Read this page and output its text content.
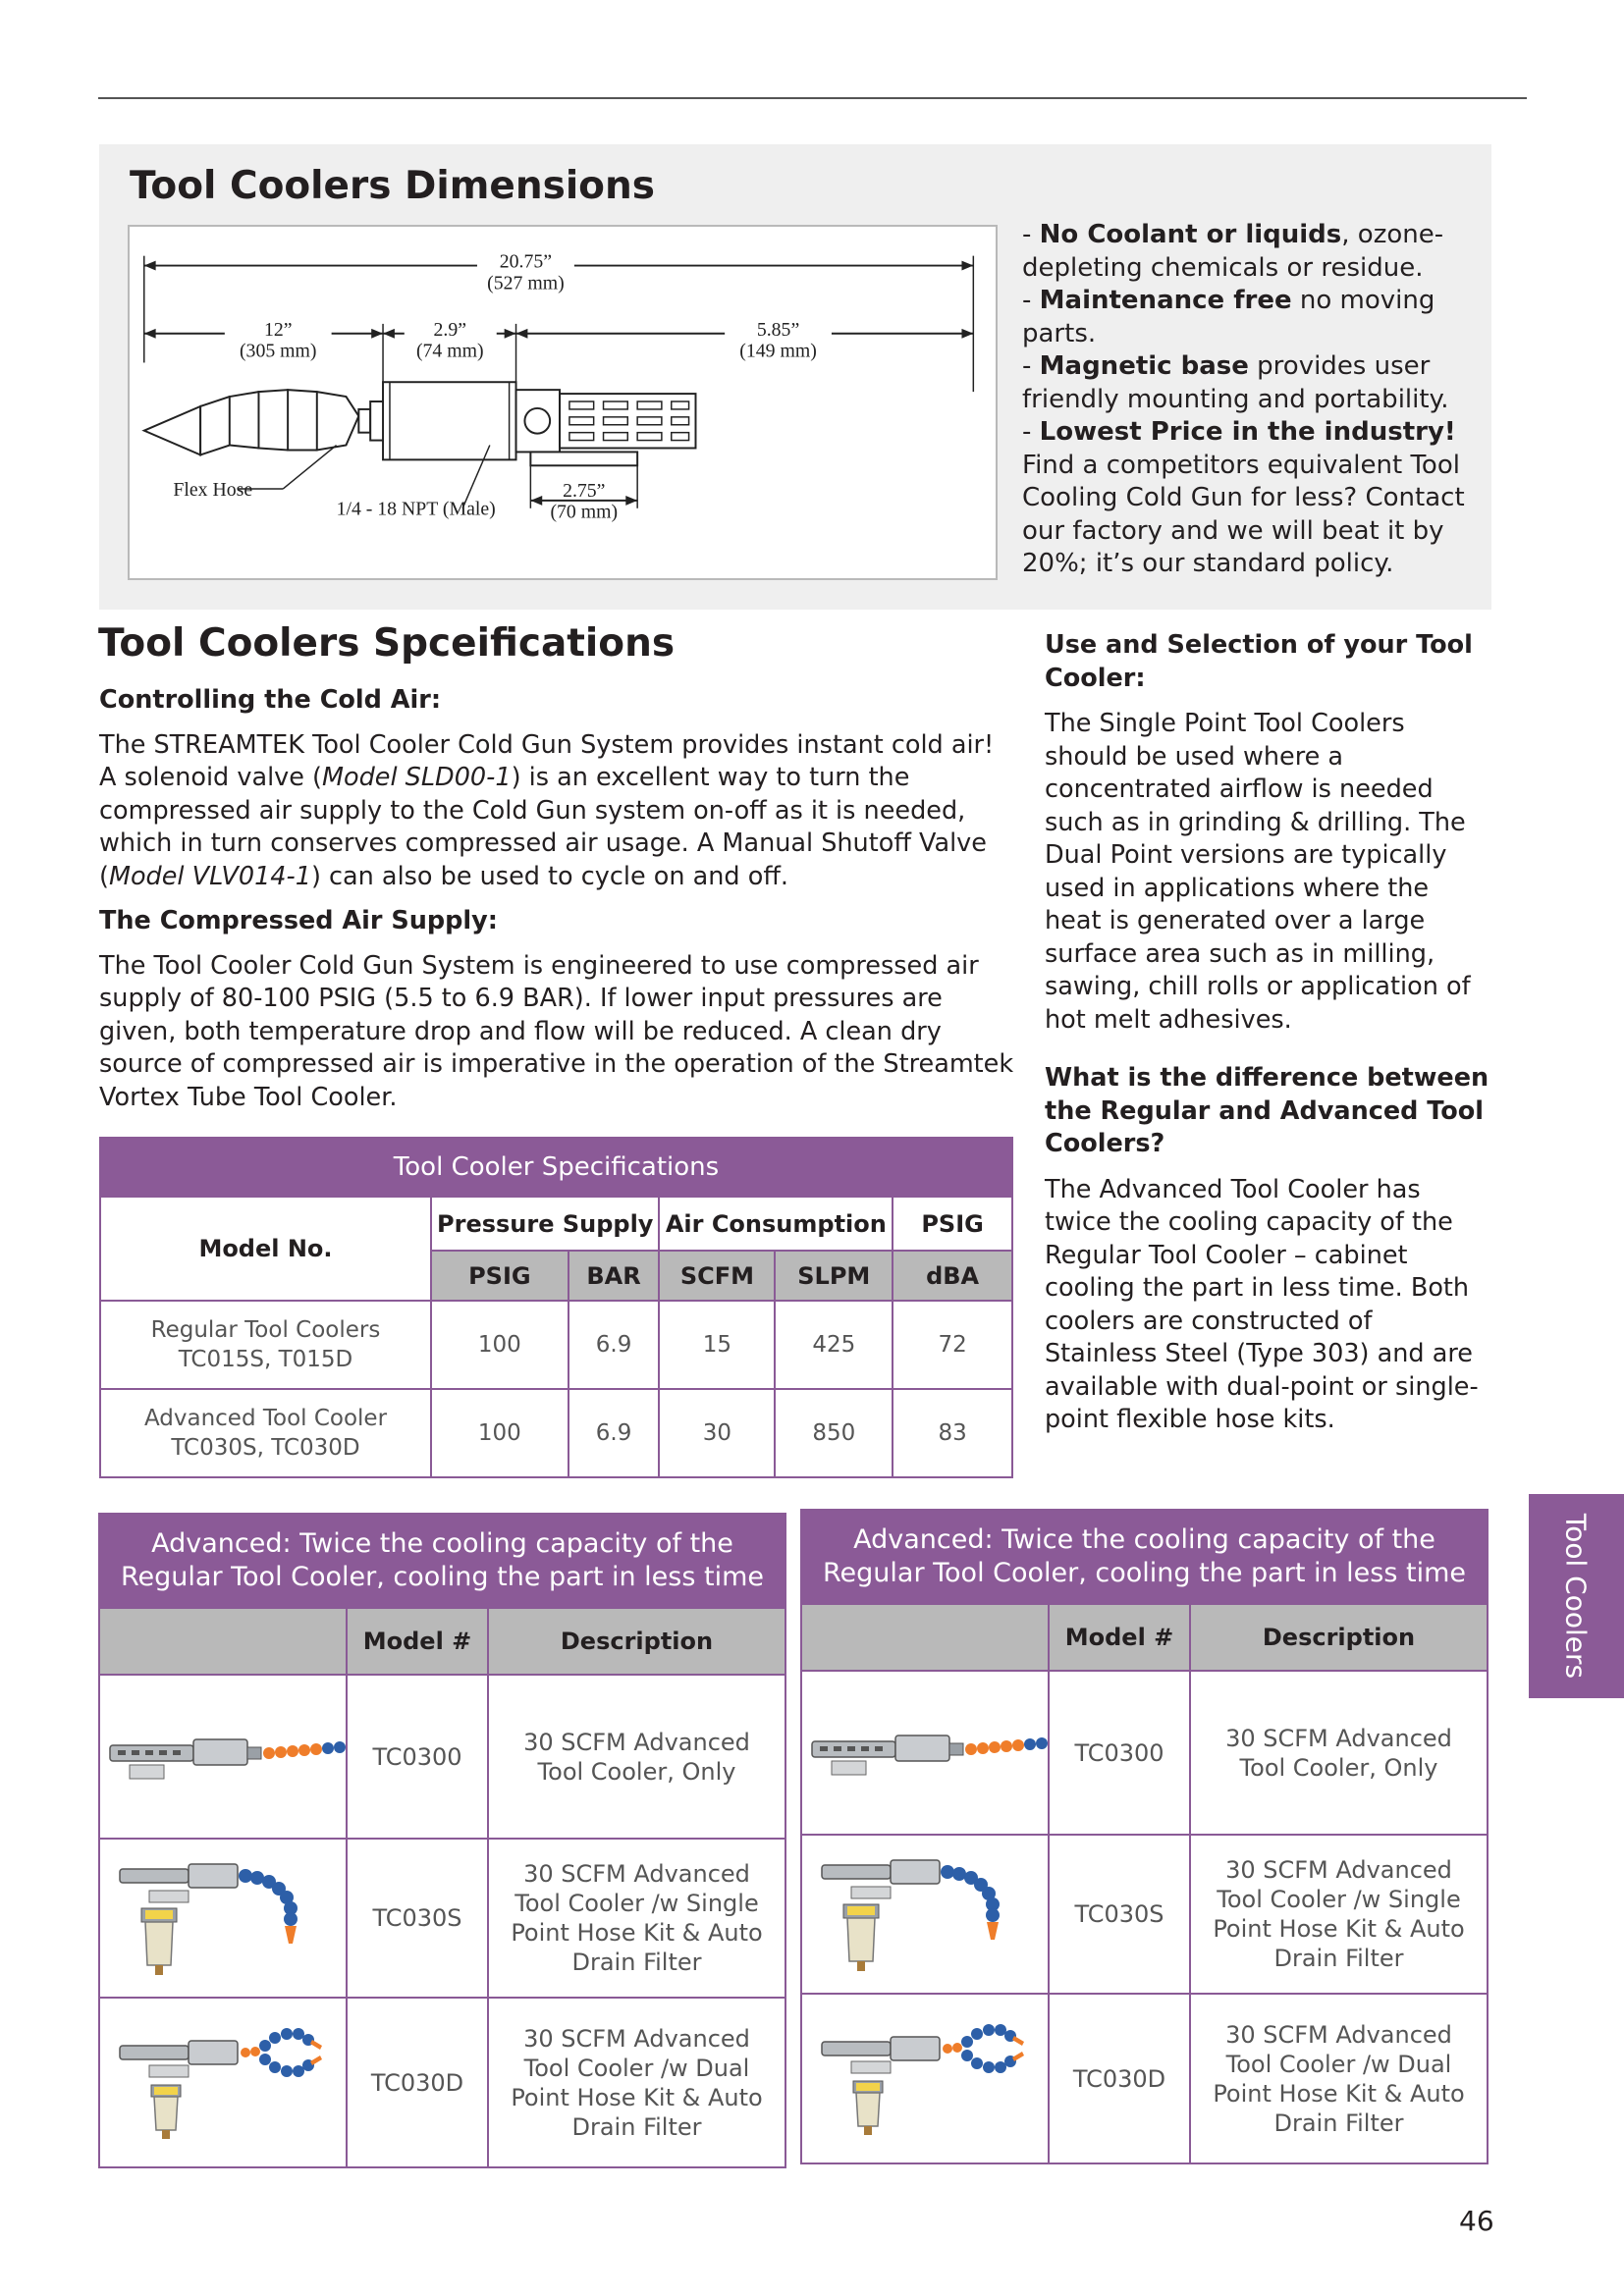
Tool Coolers Dimensions
20.75”
(527 mm)
12”
(305 mm)
2.9”
(74 mm)
5.85”
(149 mm)
2.75”
(70 mm)
Flex Hose
1/4 - 18 NPT (Male)

- No Coolant or liquids, ozone-depleting chemicals or residue.

- Maintenance free no moving parts.

- Magnetic base provides user friendly mounting and portability.

- Lowest Price in the industry! Find a competitors equivalent Tool Cooling Cold Gun for less? Contact our factory and we will beat it by 20%; it’s our standard policy.

Tool Coolers Spceifications
Controlling the Cold Air:

The STREAMTEK Tool Cooler Cold Gun System provides instant cold air! A solenoid valve (Model SLD00-1) is an excellent way to turn the compressed air supply to the Cold Gun system on-off as it is needed, which in turn conserves compressed air usage. A Manual Shutoff Valve (Model VLV014-1) can also be used to cycle on and off.

The Compressed Air Supply:

The Tool Cooler Cold Gun System is engineered to use compressed air supply of 80-100 PSIG (5.5 to 6.9 BAR). If lower input pressures are given, both temperature drop and flow will be reduced. A clean dry source of compressed air is imperative in the operation of the Streamtek Vortex Tube Tool Cooler.

Use and Selection of your Tool Cooler:

The Single Point Tool Coolers should be used where a concentrated airflow is needed such as in grinding & drilling. The Dual Point versions are typically used in applications where the heat is generated over a large surface area such as in milling, sawing, chill rolls or application of hot melt adhesives.

What is the difference between the Regular and Advanced Tool Coolers?

The Advanced Tool Cooler has twice the cooling capacity of the Regular Tool Cooler – cabinet cooling the part in less time. Both coolers are constructed of Stainless Steel (Type 303) and are available with dual-point or single-point flexible hose kits.

Tool Cooler Specifications					
Model No.	Pressure Supply		Air Consumption		PSIG
	PSIG	BAR	SCFM	SLPM	dBA
Regular Tool Coolers
TC015S, T015D	100	6.9	15	425	72
Advanced Tool Cooler
TC030S, TC030D	100	6.9	30	850	83
Advanced: Twice the cooling capacity of the Regular Tool Cooler, cooling the part in less time		
	Model #	Description

	TC0300	30 SCFM Advanced Tool Cooler, Only

	TC030S	30 SCFM Advanced Tool Cooler /w Single Point Hose Kit & Auto Drain Filter

	TC030D	30 SCFM Advanced Tool Cooler /w Dual Point Hose Kit & Auto Drain Filter
Advanced: Twice the cooling capacity of the Regular Tool Cooler, cooling the part in less time		
	Model #	Description

	TC0300	30 SCFM Advanced Tool Cooler, Only

	TC030S	30 SCFM Advanced Tool Cooler /w Single Point Hose Kit & Auto Drain Filter

	TC030D	30 SCFM Advanced Tool Cooler /w Dual Point Hose Kit & Auto Drain Filter
Tool Coolers
46
